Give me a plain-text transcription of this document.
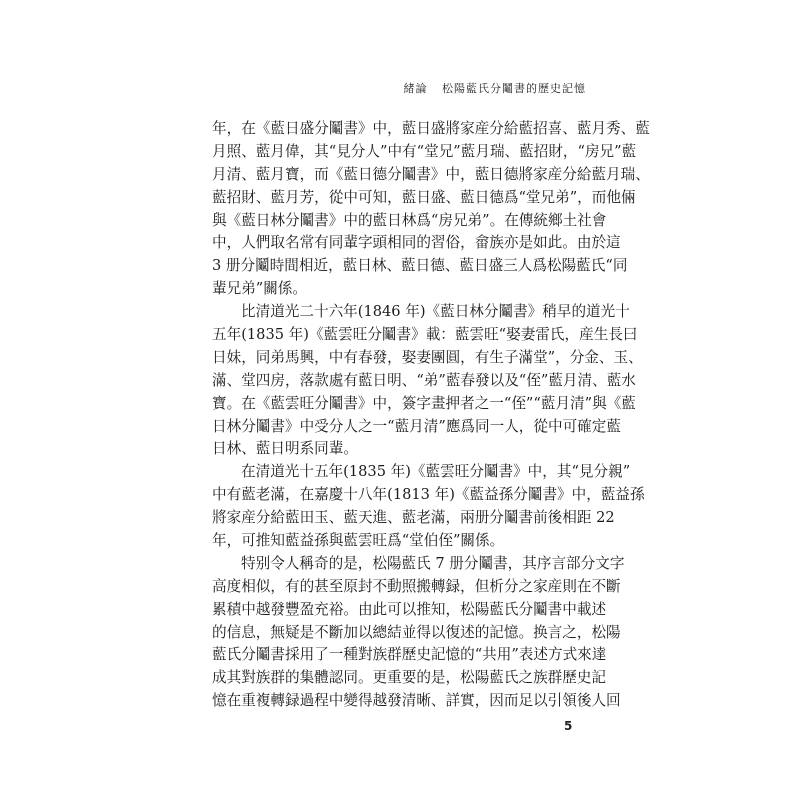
緒論 松陽藍氏分鬮書的歷史記憶
年，在《藍日盛分鬮書》中，藍日盛將家産分給藍招喜、藍月秀、藍
月照、藍月偉，其“見分人”中有“堂兄”藍月瑞、藍招財，“房兄”藍
月清、藍月寶，而《藍日德分鬮書》中，藍日德將家産分給藍月瑞、
藍招財、藍月芳，從中可知，藍日盛、藍日德爲“堂兄弟”，而他倆
與《藍日林分鬮書》中的藍日林爲“房兄弟”。在傳統鄉土社會
中，人們取名常有同輩字頭相同的習俗，畲族亦是如此。由於這
3 册分鬮時間相近，藍日林、藍日德、藍日盛三人爲松陽藍氏“同
輩兄弟”關係。
比清道光二十六年(1846 年)《藍日林分鬮書》稍早的道光十
五年(1835 年)《藍雲旺分鬮書》載：藍雲旺“娶妻雷氏，産生長曰
日妹，同弟馬興，中有春發，娶妻團圓，有生子滿堂”，分金、玉、
滿、堂四房，落款處有藍日明、“弟”藍春發以及“侄”藍月清、藍水
寶。在《藍雲旺分鬮書》中，簽字畫押者之一“侄”“藍月清”與《藍
日林分鬮書》中受分人之一“藍月清”應爲同一人，從中可確定藍
日林、藍日明系同輩。
在清道光十五年(1835 年)《藍雲旺分鬮書》中，其“見分親”
中有藍老滿，在嘉慶十八年(1813 年)《藍益孫分鬮書》中，藍益孫
將家産分給藍田玉、藍天進、藍老滿，兩册分鬮書前後相距 22
年，可推知藍益孫與藍雲旺爲“堂伯侄”關係。
特别令人稱奇的是，松陽藍氏 7 册分鬮書，其序言部分文字
高度相似，有的甚至原封不動照搬轉録，但析分之家産則在不斷
累積中越發豐盈充裕。由此可以推知，松陽藍氏分鬮書中載述
的信息，無疑是不斷加以總結並得以復述的記憶。换言之，松陽
藍氏分鬮書採用了一種對族群歷史記憶的“共用”表述方式來達
成其對族群的集體認同。更重要的是，松陽藍氏之族群歷史記
憶在重複轉録過程中變得越發清晰、詳實，因而足以引領後人回
5
